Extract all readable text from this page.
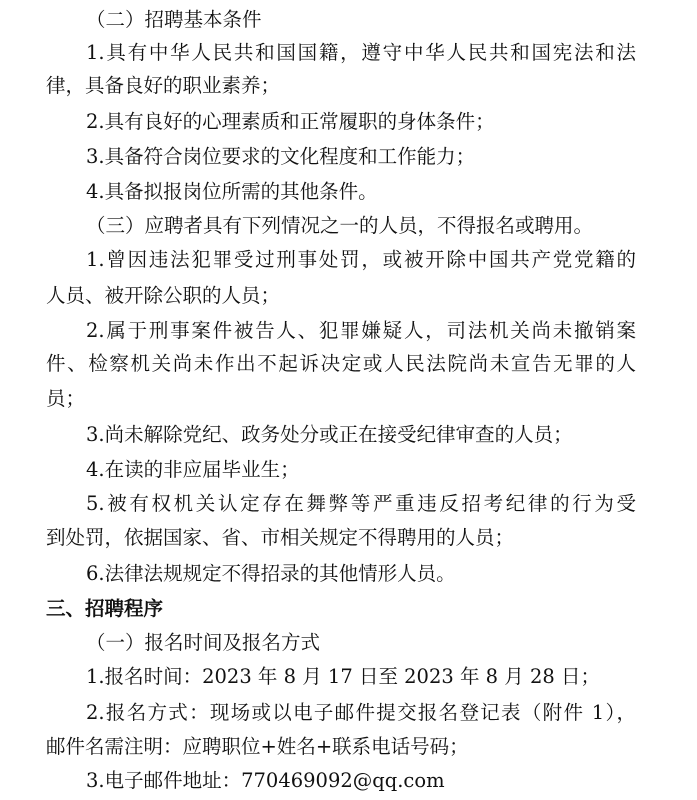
（二）招聘基本条件
1.具有中华人民共和国国籍，遵守中华人民共和国宪法和法
律，具备良好的职业素养；
2.具有良好的心理素质和正常履职的身体条件；
3.具备符合岗位要求的文化程度和工作能力；
4.具备拟报岗位所需的其他条件。
（三）应聘者具有下列情况之一的人员，不得报名或聘用。
1.曾因违法犯罪受过刑事处罚，或被开除中国共产党党籍的
人员、被开除公职的人员；
2.属于刑事案件被告人、犯罪嫌疑人，司法机关尚未撤销案
件、检察机关尚未作出不起诉决定或人民法院尚未宣告无罪的人
员；
3.尚未解除党纪、政务处分或正在接受纪律审查的人员；
4.在读的非应届毕业生；
5.被有权机关认定存在舞弊等严重违反招考纪律的行为受
到处罚，依据国家、省、市相关规定不得聘用的人员；
6.法律法规规定不得招录的其他情形人员。
三、招聘程序
（一）报名时间及报名方式
1.报名时间：2023 年 8 月 17 日至 2023 年 8 月 28 日；
2.报名方式：现场或以电子邮件提交报名登记表（附件 1），
邮件名需注明：应聘职位+姓名+联系电话号码；
3.电子邮件地址：770469092@qq.com
